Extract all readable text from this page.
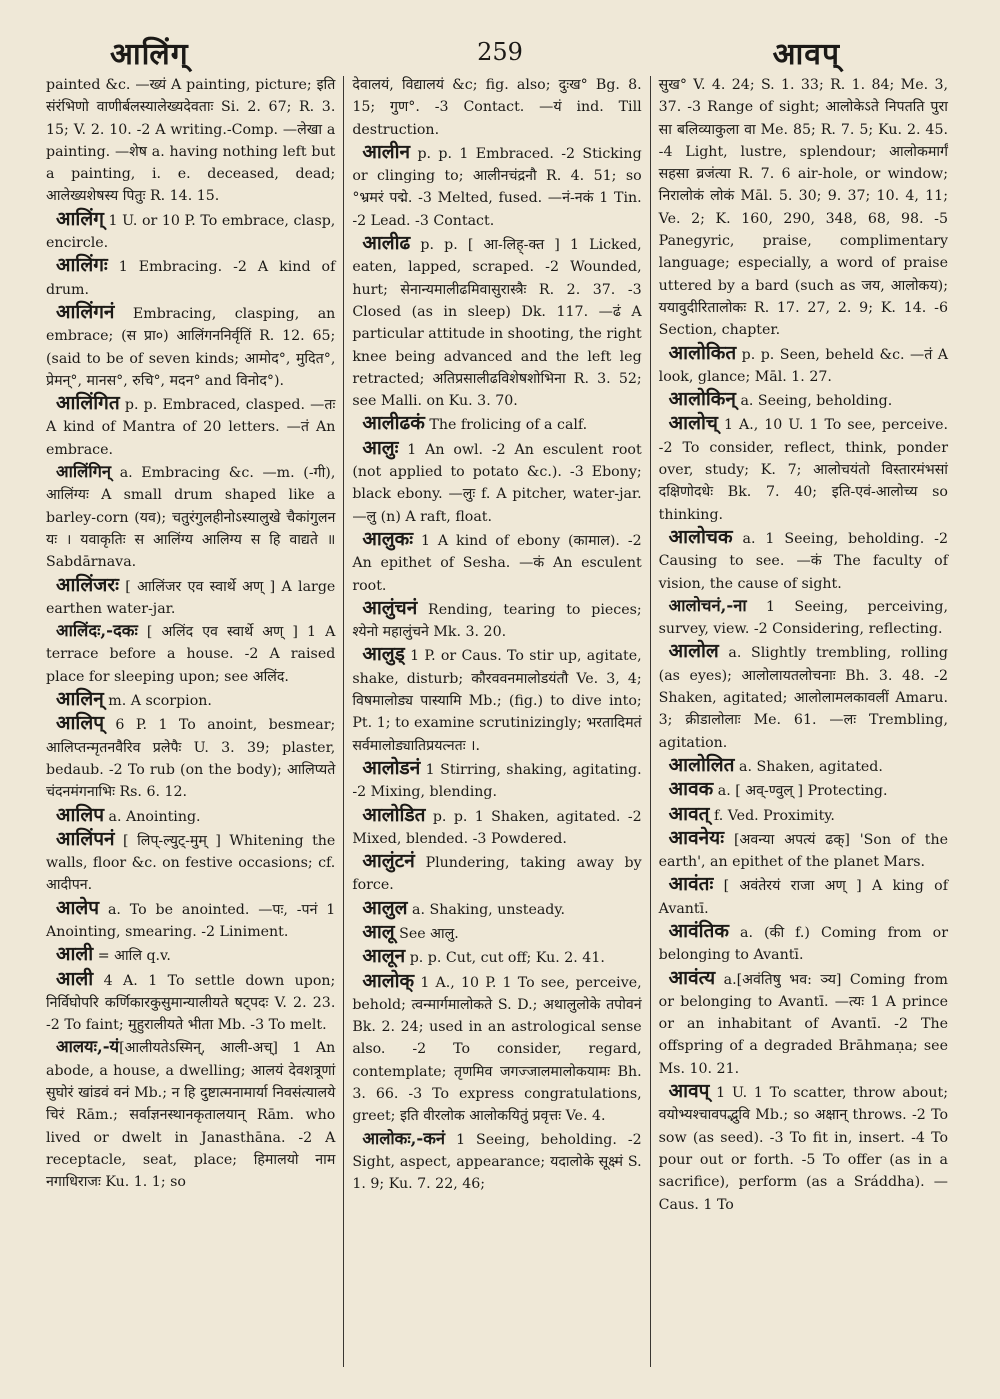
आलिंग्	259	आवप्

painted &c. —ख्यं A painting, picture; इति संरंभिणो वाणीर्बलस्यालेख्यदेवताः Si. 2. 67; R. 3. 15; V. 2. 10. -2 A writing.-Comp. —लेखा a painting. —शेष a. having nothing left but a painting, i. e. deceased, dead; आलेख्यशेषस्य पितुः R. 14. 15.

आलिंग् 1 U. or 10 P. To embrace, clasp, encircle.

आलिंगः 1 Embracing. -2 A kind of drum.

आलिंगनं Embracing, clasping, an embrace; (स प्रा०) आलिंगननिर्वृतिं R. 12. 65; (said to be of seven kinds; आमोद°, मुदित°, प्रेमन्°, मानस°, रुचि°, मदन° and विनोद°).

आलिंगित p. p. Embraced, clasped. —तः A kind of Mantra of 20 letters. —तं An embrace.

आलिंगिन् a. Embracing &c. —m. (-गी), आलिंग्यः A small drum shaped like a barley-corn (यव); चतुरंगुलहीनोऽस्यालुखे चैकांगुलन यः । यवाकृतिः स आलिंग्य आलिग्य स हि वाद्यते ॥ Sabdārnava.

आलिंजरः [ आलिंजर एव स्वार्थे अण् ] A large earthen water-jar.

आलिंदः,-दकः [ अलिंद एव स्वार्थे अण् ] 1 A terrace before a house. -2 A raised place for sleeping upon; see अलिंद.

आलिन् m. A scorpion.

आलिप् 6 P. 1 To anoint, besmear; आलिप्तन्मृतनवैरिव प्रलेपैः U. 3. 39; plaster, bedaub. -2 To rub (on the body); आलिप्यते चंदनमंगनाभिः Rs. 6. 12.

आलिप a. Anointing.

आलिंपनं [ लिप्-ल्युट्-मुम् ] Whitening the walls, floor &c. on festive occasions; cf. आदीपन.

आलेप a. To be anointed. —पः, -पनं 1 Anointing, smearing. -2 Liniment.

आली = आलि q.v.

आली 4 A. 1 To settle down upon; निर्विघोपरि कर्णिकारकुसुमान्यालीयते षट्पदः V. 2. 23. -2 To faint; मुहुरालीयते भीता Mb. -3 To melt.

आलयः,-यं[आलीयतेऽस्मिन्, आली-अच्] 1 An abode, a house, a dwelling; आलयं देवशत्रूणां सुघोरं खांडवं वनं Mb.; न हि दुष्टात्मनामार्या निवसंत्यालये चिरं Rām.; सर्वाज्ञनस्थानकृतालयान् Rām. who lived or dwelt in Janasthāna. -2 A receptacle, seat, place; हिमालयो नाम नगाधिराजः Ku. 1. 1; so

देवालयं, विद्यालयं &c; fig. also; दुःख° Bg. 8. 15; गुण°. -3 Contact. —यं ind. Till destruction.

आलीन p. p. 1 Embraced. -2 Sticking or clinging to; आलीनचंद्रनौ R. 4. 51; so °भ्रमरं पद्मे. -3 Melted, fused. —नं-नकं 1 Tin. -2 Lead. -3 Contact.

आलीढ p. p. [ आ-लिह्-क्त ] 1 Licked, eaten, lapped, scraped. -2 Wounded, hurt; सेनान्यमालीढमिवासुरास्त्रैः R. 2. 37. -3 Closed (as in sleep) Dk. 117. —ढं A particular attitude in shooting, the right knee being advanced and the left leg retracted; अतिप्रसालीढविशेषशोभिना R. 3. 52; see Malli. on Ku. 3. 70.

आलीढकं The frolicing of a calf.

आलुः 1 An owl. -2 An esculent root (not applied to potato &c.). -3 Ebony; black ebony. —लुः f. A pitcher, water-jar. —लु (n) A raft, float.

आलुकः 1 A kind of ebony (कामाल). -2 An epithet of Sesha. —कं An esculent root.

आलुंचनं Rending, tearing to pieces; श्येनो महालुंचने Mk. 3. 20.

आलुड् 1 P. or Caus. To stir up, agitate, shake, disturb; कौरववनमालोडयंतौ Ve. 3, 4; विषमालोड्य पास्यामि Mb.; (fig.) to dive into; Pt. 1; to examine scrutinizingly; भरतादिमतं सर्वमालोड्यातिप्रयत्नतः ।.

आलोडनं 1 Stirring, shaking, agitating. -2 Mixing, blending.

आलोडित p. p. 1 Shaken, agitated. -2 Mixed, blended. -3 Powdered.

आलुंटनं Plundering, taking away by force.

आलुल a. Shaking, unsteady.

आलू See आलु.

आलून p. p. Cut, cut off; Ku. 2. 41.

आलोक् 1 A., 10 P. 1 To see, perceive, behold; त्वन्मार्गमालोकते S. D.; अथालुलोके तपोवनं Bk. 2. 24; used in an astrological sense also. -2 To consider, regard, contemplate; तृणमिव जगज्जालमालोकयामः Bh. 3. 66. -3 To express congratulations, greet; इति वीरलोक आलोकयितुं प्रवृत्तः Ve. 4.

आलोकः,-कनं 1 Seeing, beholding. -2 Sight, aspect, appearance; यदालोके सूक्ष्मं S. 1. 9; Ku. 7. 22, 46;

सुख° V. 4. 24; S. 1. 33; R. 1. 84; Me. 3, 37. -3 Range of sight; आलोकेऽते निपतति पुरा सा बलिव्याकुला वा Me. 85; R. 7. 5; Ku. 2. 45. -4 Light, lustre, splendour; आलोकमार्गं सहसा व्रजंत्या R. 7. 6 air-hole, or window; निरालोकं लोकं Māl. 5. 30; 9. 37; 10. 4, 11; Ve. 2; K. 160, 290, 348, 68, 98. -5 Panegyric, praise, complimentary language; especially, a word of praise uttered by a bard (such as जय, आलोकय); ययावुदीरितालोकः R. 17. 27, 2. 9; K. 14. -6 Section, chapter.

आलोकित p. p. Seen, beheld &c. —तं A look, glance; Māl. 1. 27.

आलोकिन् a. Seeing, beholding.

आलोच् 1 A., 10 U. 1 To see, perceive. -2 To consider, reflect, think, ponder over, study; K. 7; आलोचयंतो विस्तारमंभसां दक्षिणोदधेः Bk. 7. 40; इति-एवं-आलोच्य so thinking.

आलोचक a. 1 Seeing, beholding. -2 Causing to see. —कं The faculty of vision, the cause of sight.

आलोचनं,-ना 1 Seeing, perceiving, survey, view. -2 Considering, reflecting.

आलोल a. Slightly trembling, rolling (as eyes); आलोलायतलोचनाः Bh. 3. 48. -2 Shaken, agitated; आलोलामलकावलीं Amaru. 3; क्रीडालोलाः Me. 61. —लः Trembling, agitation.

आलोलित a. Shaken, agitated.

आवक a. [ अव्-ण्वुल् ] Protecting.

आवत् f. Ved. Proximity.

आवनेयः [अवन्या अपत्यं ढक्] 'Son of the earth', an epithet of the planet Mars.

आवंतः [ अवंतेरयं राजा अण् ] A king of Avantī.

आवंतिक a. (की f.) Coming from or belonging to Avantī.

आवंत्य a.[अवंतिषु भव: ञ्य] Coming from or belonging to Avantī. —त्यः 1 A prince or an inhabitant of Avantī. -2 The offspring of a degraded Brāhmaṇa; see Ms. 10. 21.

आवप् 1 U. 1 To scatter, throw about; वयोभ्यश्चावपद्भुवि Mb.; so अक्षान् throws. -2 To sow (as seed). -3 To fit in, insert. -4 To pour out or forth. -5 To offer (as in a sacrifice), perform (as a Sráddha). —Caus. 1 To
